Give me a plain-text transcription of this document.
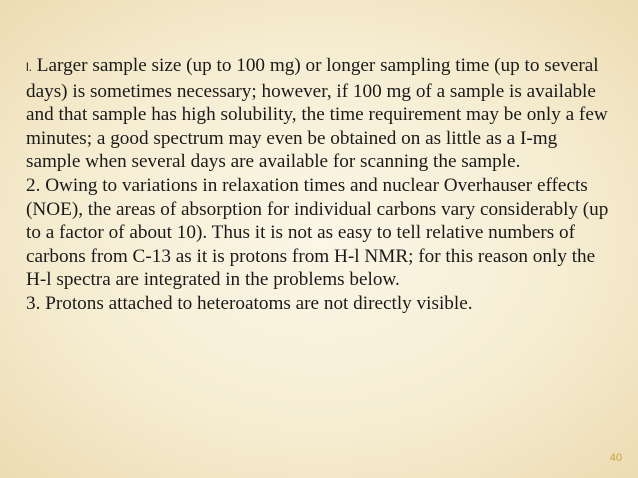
l. Larger sample size (up to 100 mg) or longer sampling time (up to several days) is sometimes necessary; however, if 100 mg of a sample is available and that sample has high solubility, the time requirement may be only a few minutes; a good spectrum may even be obtained on as little as a I-mg sample when several days are available for scanning the sample.

2. Owing to variations in relaxation times and nuclear Overhauser effects (NOE), the areas of absorption for individual carbons vary considerably (up to a factor of about 10). Thus it is not as easy to tell relative numbers of carbons from C-13 as it is protons from H-l NMR; for this reason only the H-l spectra are integrated in the problems below.

3. Protons attached to heteroatoms are not directly visible.

40
